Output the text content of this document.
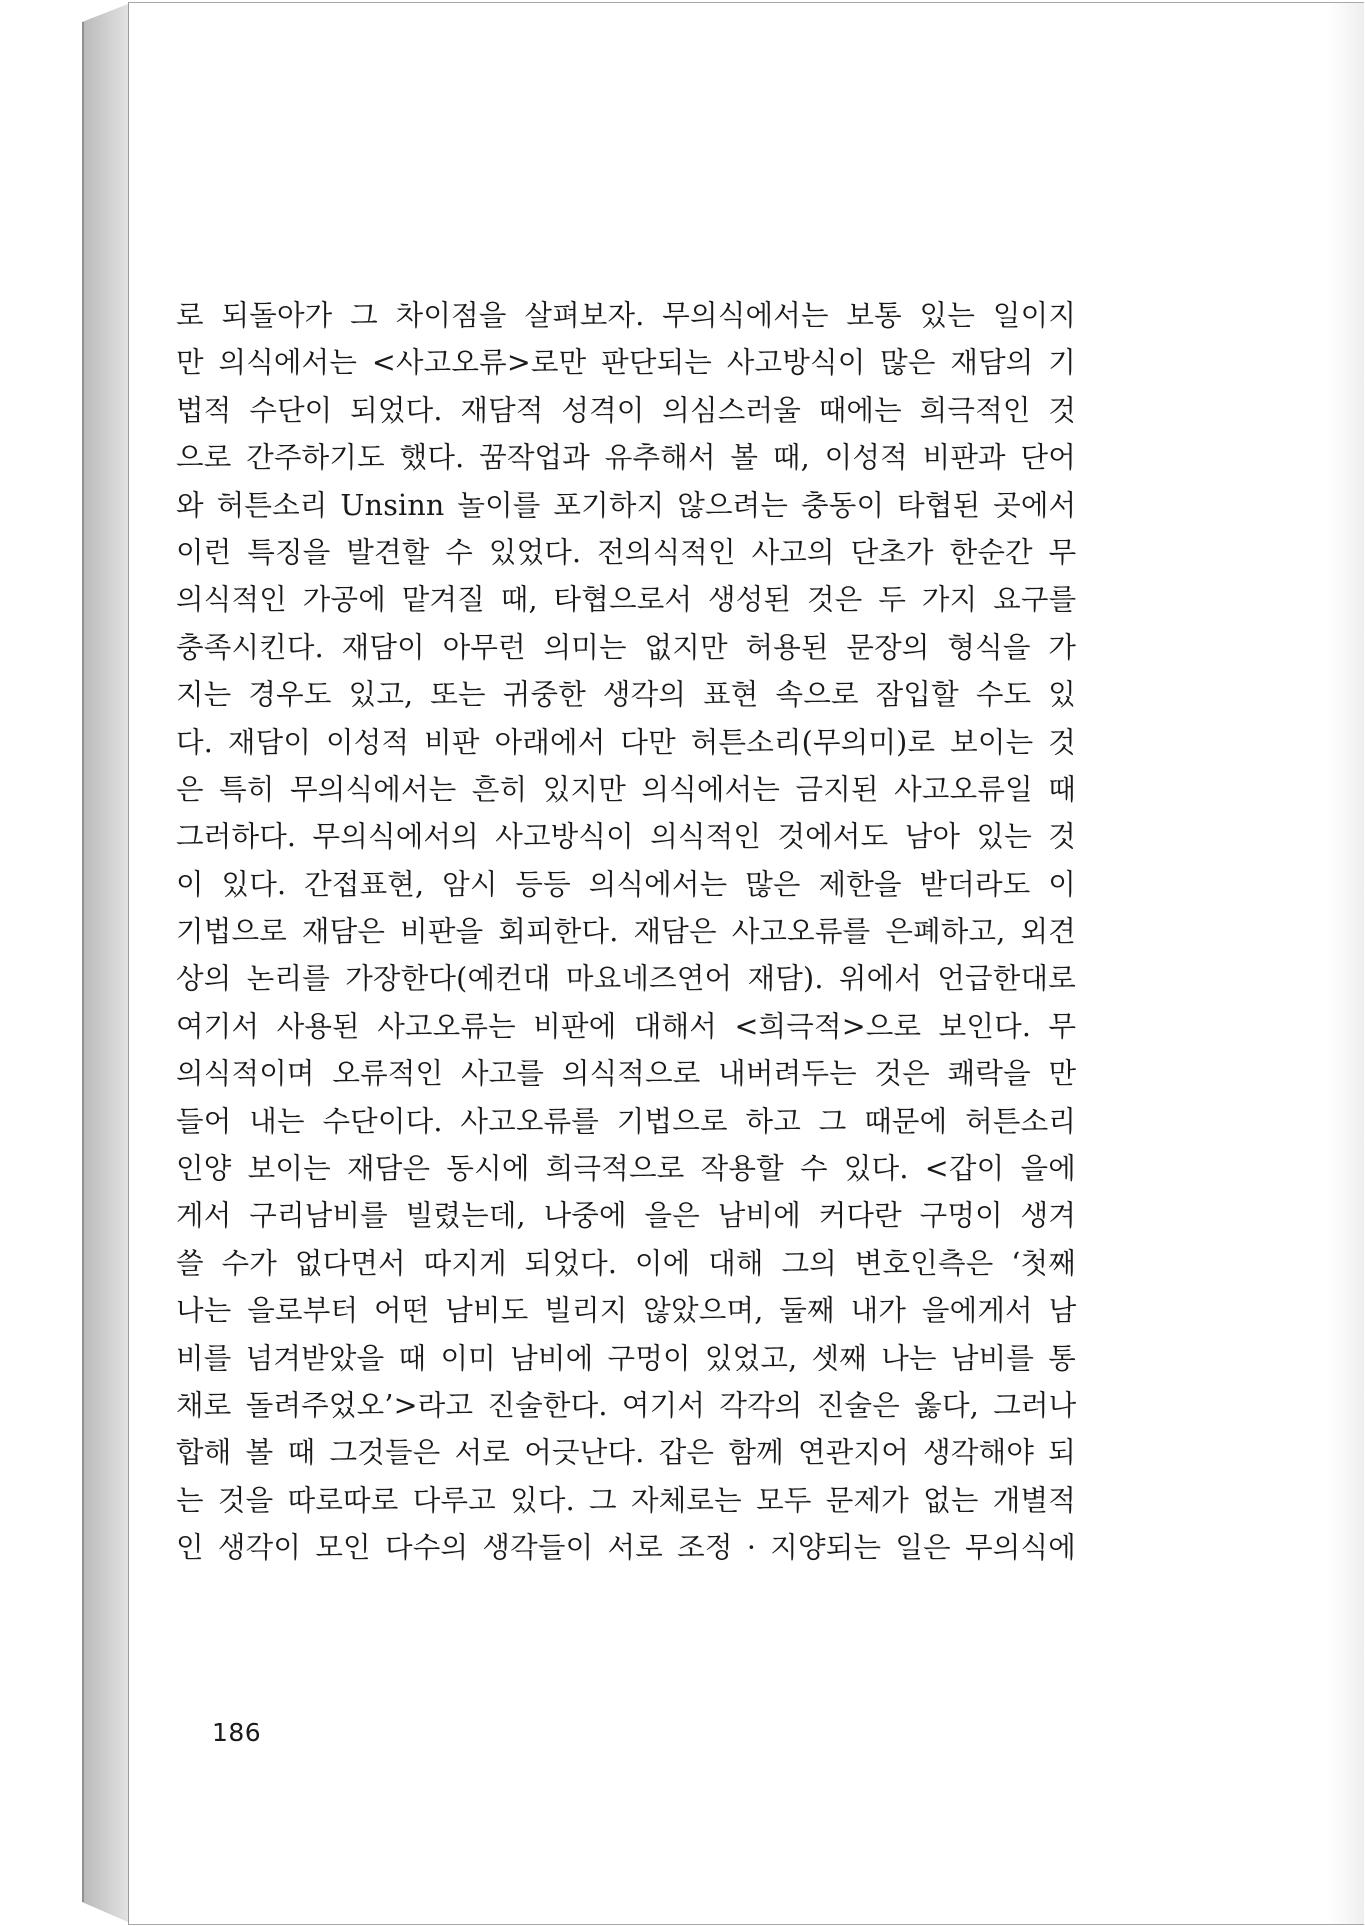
로 되돌아가 그 차이점을 살펴보자. 무의식에서는 보통 있는 일이지
만 의식에서는 <사고오류>로만 판단되는 사고방식이 많은 재담의 기
법적 수단이 되었다. 재담적 성격이 의심스러울 때에는 희극적인 것
으로 간주하기도 했다. 꿈작업과 유추해서 볼 때, 이성적 비판과 단어
와 허튼소리 Unsinn 놀이를 포기하지 않으려는 충동이 타협된 곳에서
이런 특징을 발견할 수 있었다. 전의식적인 사고의 단초가 한순간 무
의식적인 가공에 맡겨질 때, 타협으로서 생성된 것은 두 가지 요구를
충족시킨다. 재담이 아무런 의미는 없지만 허용된 문장의 형식을 가
지는 경우도 있고, 또는 귀중한 생각의 표현 속으로 잠입할 수도 있
다. 재담이 이성적 비판 아래에서 다만 허튼소리(무의미)로 보이는 것
은 특히 무의식에서는 흔히 있지만 의식에서는 금지된 사고오류일 때
그러하다. 무의식에서의 사고방식이 의식적인 것에서도 남아 있는 것
이 있다. 간접표현, 암시 등등 의식에서는 많은 제한을 받더라도 이
기법으로 재담은 비판을 회피한다. 재담은 사고오류를 은폐하고, 외견
상의 논리를 가장한다(예컨대 마요네즈연어 재담). 위에서 언급한대로
여기서 사용된 사고오류는 비판에 대해서 <희극적>으로 보인다. 무
의식적이며 오류적인 사고를 의식적으로 내버려두는 것은 쾌락을 만
들어 내는 수단이다. 사고오류를 기법으로 하고 그 때문에 허튼소리
인양 보이는 재담은 동시에 희극적으로 작용할 수 있다. <갑이 을에
게서 구리남비를 빌렸는데, 나중에 을은 남비에 커다란 구멍이 생겨
쓸 수가 없다면서 따지게 되었다. 이에 대해 그의 변호인측은 ‘첫째
나는 을로부터 어떤 남비도 빌리지 않았으며, 둘째 내가 을에게서 남
비를 넘겨받았을 때 이미 남비에 구멍이 있었고, 셋째 나는 남비를 통
채로 돌려주었오’>라고 진술한다. 여기서 각각의 진술은 옳다, 그러나
합해 볼 때 그것들은 서로 어긋난다. 갑은 함께 연관지어 생각해야 되
는 것을 따로따로 다루고 있다. 그 자체로는 모두 문제가 없는 개별적
인 생각이 모인 다수의 생각들이 서로 조정 · 지양되는 일은 무의식에
186
